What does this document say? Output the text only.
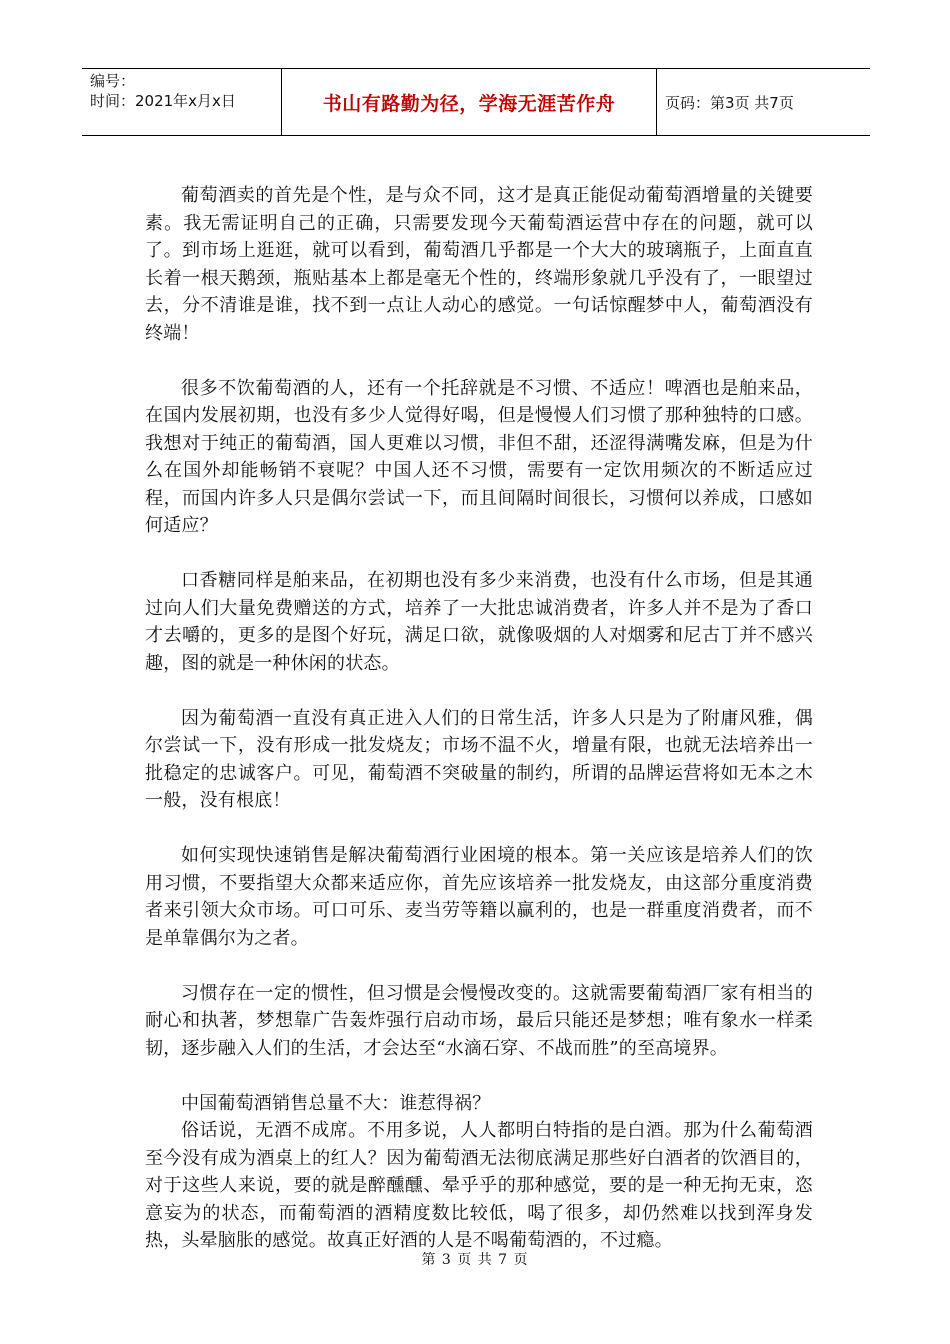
编号：
时间：2021年x月x日	书山有路勤为径，学海无涯苦作舟	页码：第3页 共7页

葡萄酒卖的首先是个性，是与众不同，这才是真正能促动葡萄酒增量的关键要素。我无需证明自己的正确，只需要发现今天葡萄酒运营中存在的问题，就可以了。到市场上逛逛，就可以看到，葡萄酒几乎都是一个大大的玻璃瓶子，上面直直长着一根天鹅颈，瓶贴基本上都是毫无个性的，终端形象就几乎没有了，一眼望过去，分不清谁是谁，找不到一点让人动心的感觉。一句话惊醒梦中人，葡萄酒没有终端！

很多不饮葡萄酒的人，还有一个托辞就是不习惯、不适应！啤酒也是舶来品，在国内发展初期，也没有多少人觉得好喝，但是慢慢人们习惯了那种独特的口感。我想对于纯正的葡萄酒，国人更难以习惯，非但不甜，还涩得满嘴发麻，但是为什么在国外却能畅销不衰呢？中国人还不习惯，需要有一定饮用频次的不断适应过程，而国内许多人只是偶尔尝试一下，而且间隔时间很长，习惯何以养成，口感如何适应？

口香糖同样是舶来品，在初期也没有多少来消费，也没有什么市场，但是其通过向人们大量免费赠送的方式，培养了一大批忠诚消费者，许多人并不是为了香口才去嚼的，更多的是图个好玩，满足口欲，就像吸烟的人对烟雾和尼古丁并不感兴趣，图的就是一种休闲的状态。

因为葡萄酒一直没有真正进入人们的日常生活，许多人只是为了附庸风雅，偶尔尝试一下，没有形成一批发烧友；市场不温不火，增量有限，也就无法培养出一批稳定的忠诚客户。可见，葡萄酒不突破量的制约，所谓的品牌运营将如无本之木一般，没有根底！

如何实现快速销售是解决葡萄酒行业困境的根本。第一关应该是培养人们的饮用习惯，不要指望大众都来适应你，首先应该培养一批发烧友，由这部分重度消费者来引领大众市场。可口可乐、麦当劳等籍以赢利的，也是一群重度消费者，而不是单靠偶尔为之者。

习惯存在一定的惯性，但习惯是会慢慢改变的。这就需要葡萄酒厂家有相当的耐心和执著，梦想靠广告轰炸强行启动市场，最后只能还是梦想；唯有象水一样柔韧，逐步融入人们的生活，才会达至“水滴石穿、不战而胜”的至高境界。

中国葡萄酒销售总量不大：谁惹得祸？

俗话说，无酒不成席。不用多说，人人都明白特指的是白酒。那为什么葡萄酒至今没有成为酒桌上的红人？因为葡萄酒无法彻底满足那些好白酒者的饮酒目的，对于这些人来说，要的就是醉醺醺、晕乎乎的那种感觉，要的是一种无拘无束，恣意妄为的状态，而葡萄酒的酒精度数比较低，喝了很多，却仍然难以找到浑身发热，头晕脑胀的感觉。故真正好酒的人是不喝葡萄酒的，不过瘾。

第 3 页 共 7 页
